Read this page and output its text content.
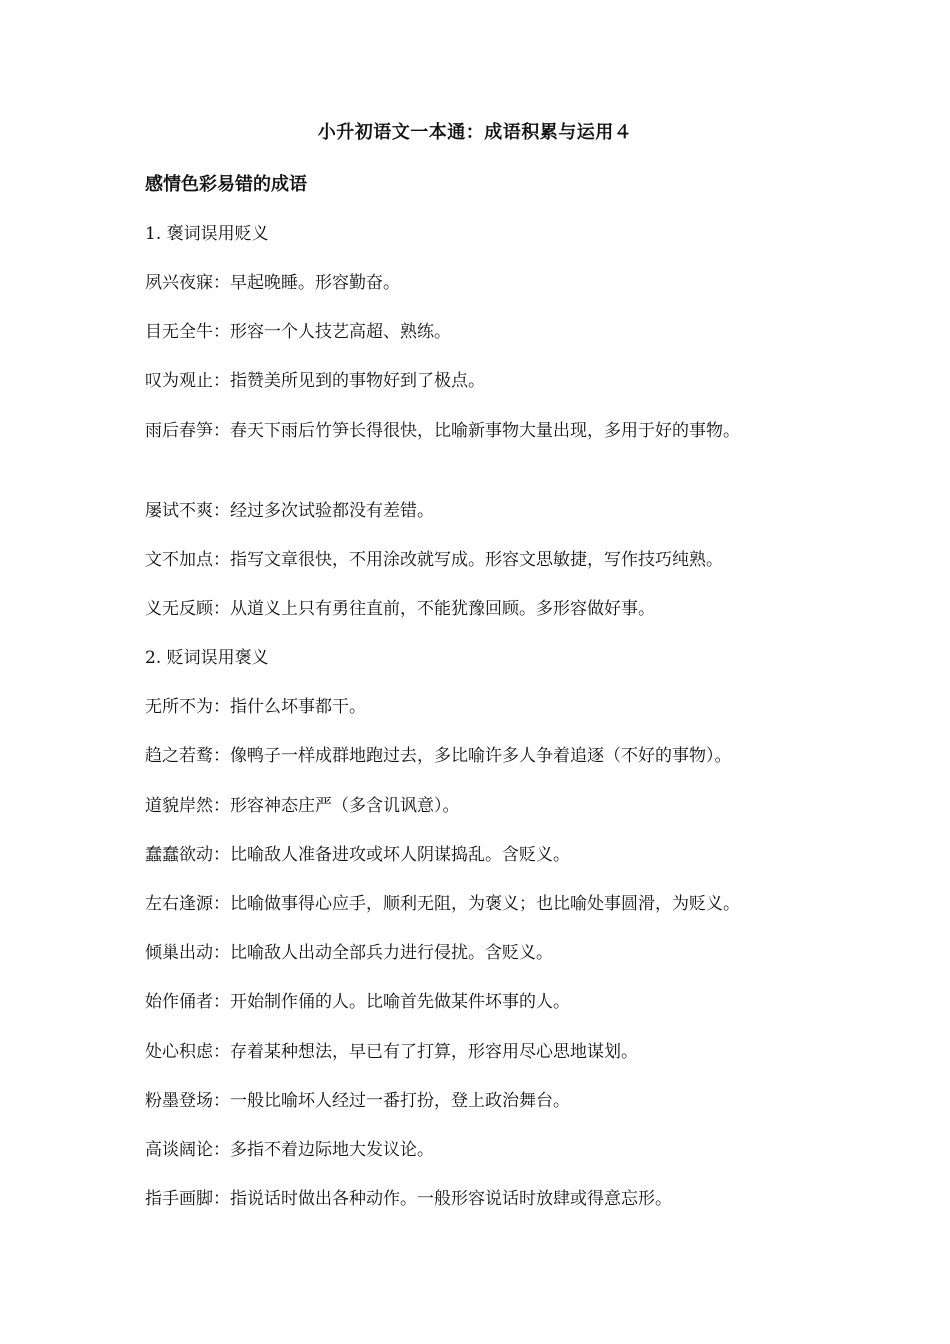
小升初语文一本通：成语积累与运用４
感情色彩易错的成语
1. 褒词误用贬义
夙兴夜寐：早起晚睡。形容勤奋。
目无全牛：形容一个人技艺高超、熟练。
叹为观止：指赞美所见到的事物好到了极点。
雨后春笋：春天下雨后竹笋长得很快，比喻新事物大量出现，多用于好的事物。
屡试不爽：经过多次试验都没有差错。
文不加点：指写文章很快，不用涂改就写成。形容文思敏捷，写作技巧纯熟。
义无反顾：从道义上只有勇往直前，不能犹豫回顾。多形容做好事。
2. 贬词误用褒义
无所不为：指什么坏事都干。
趋之若鹜：像鸭子一样成群地跑过去，多比喻许多人争着追逐（不好的事物）。
道貌岸然：形容神态庄严（多含讥讽意）。
蠢蠢欲动：比喻敌人准备进攻或坏人阴谋捣乱。含贬义。
左右逢源：比喻做事得心应手，顺利无阻，为褒义；也比喻处事圆滑，为贬义。
倾巢出动：比喻敌人出动全部兵力进行侵扰。含贬义。
始作俑者：开始制作俑的人。比喻首先做某件坏事的人。
处心积虑：存着某种想法，早已有了打算，形容用尽心思地谋划。
粉墨登场：一般比喻坏人经过一番打扮，登上政治舞台。
高谈阔论：多指不着边际地大发议论。
指手画脚：指说话时做出各种动作。一般形容说话时放肆或得意忘形。
